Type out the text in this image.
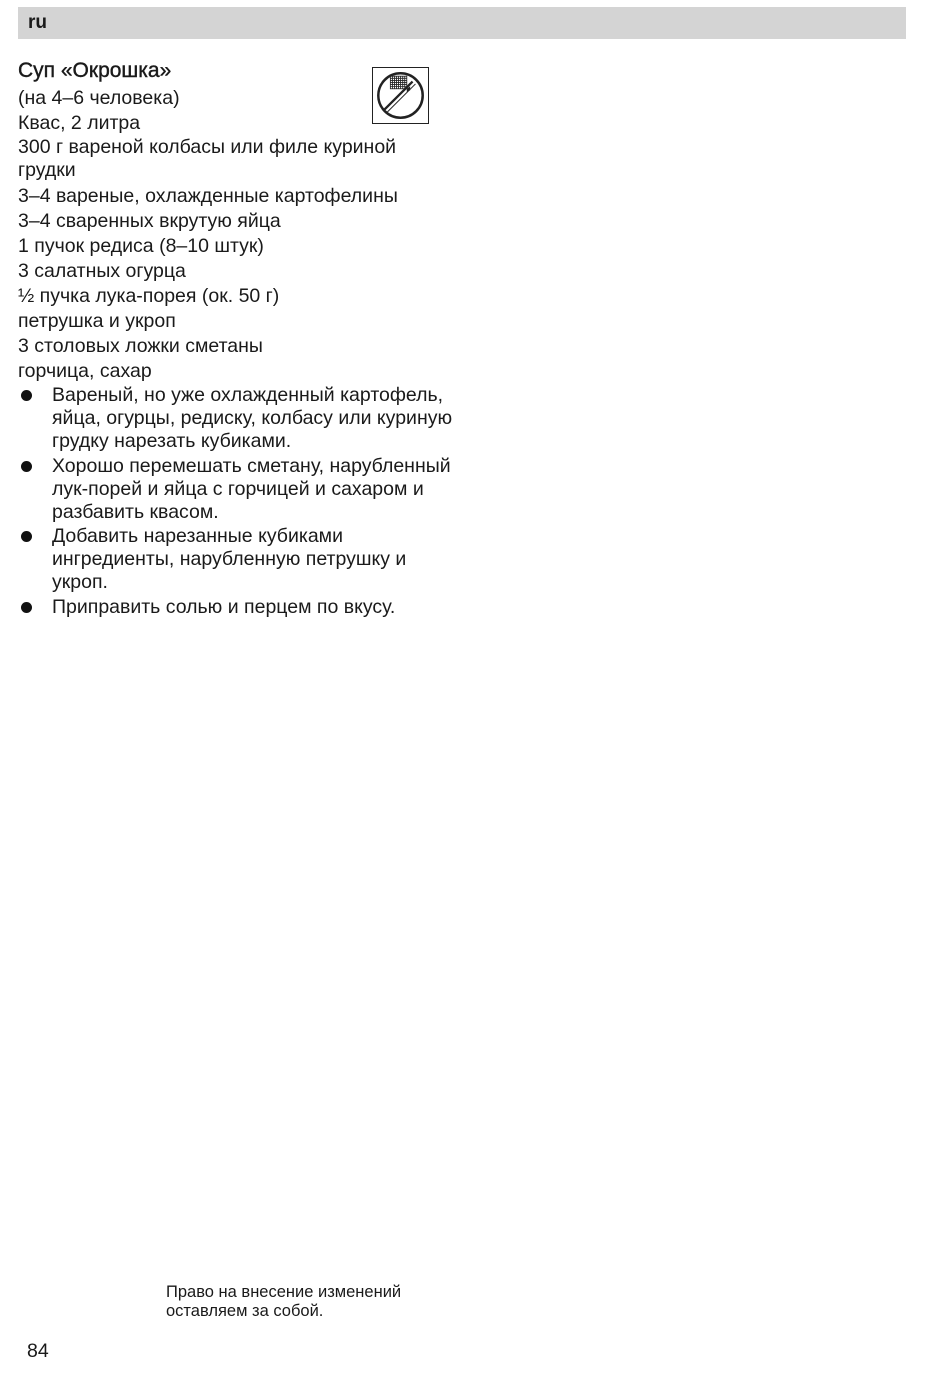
ru
Суп «Окрошка»
(на 4–6 человека)
Квас, 2 литра
300 г вареной колбасы или филе куриной грудки
3–4 вареные, охлажденные картофелины
3–4 сваренных вкрутую яйца
1 пучок редиса (8–10 штук)
3 салатных огурца
½ пучка лука-порея (ок. 50 г)
петрушка и укроп
3 столовых ложки сметаны
горчица, сахар
Вареный, но уже охлажденный картофель, яйца, огурцы, редиску, колбасу или куриную грудку нарезать кубиками.
Хорошо перемешать сметану, нарубленный лук-порей и яйца с горчицей и сахаром и разбавить квасом.
Добавить нарезанные кубиками ингредиенты, нарубленную петрушку и укроп.
Приправить солью и перцем по вкусу.
Право на внесение изменений
оставляем за собой.
84
